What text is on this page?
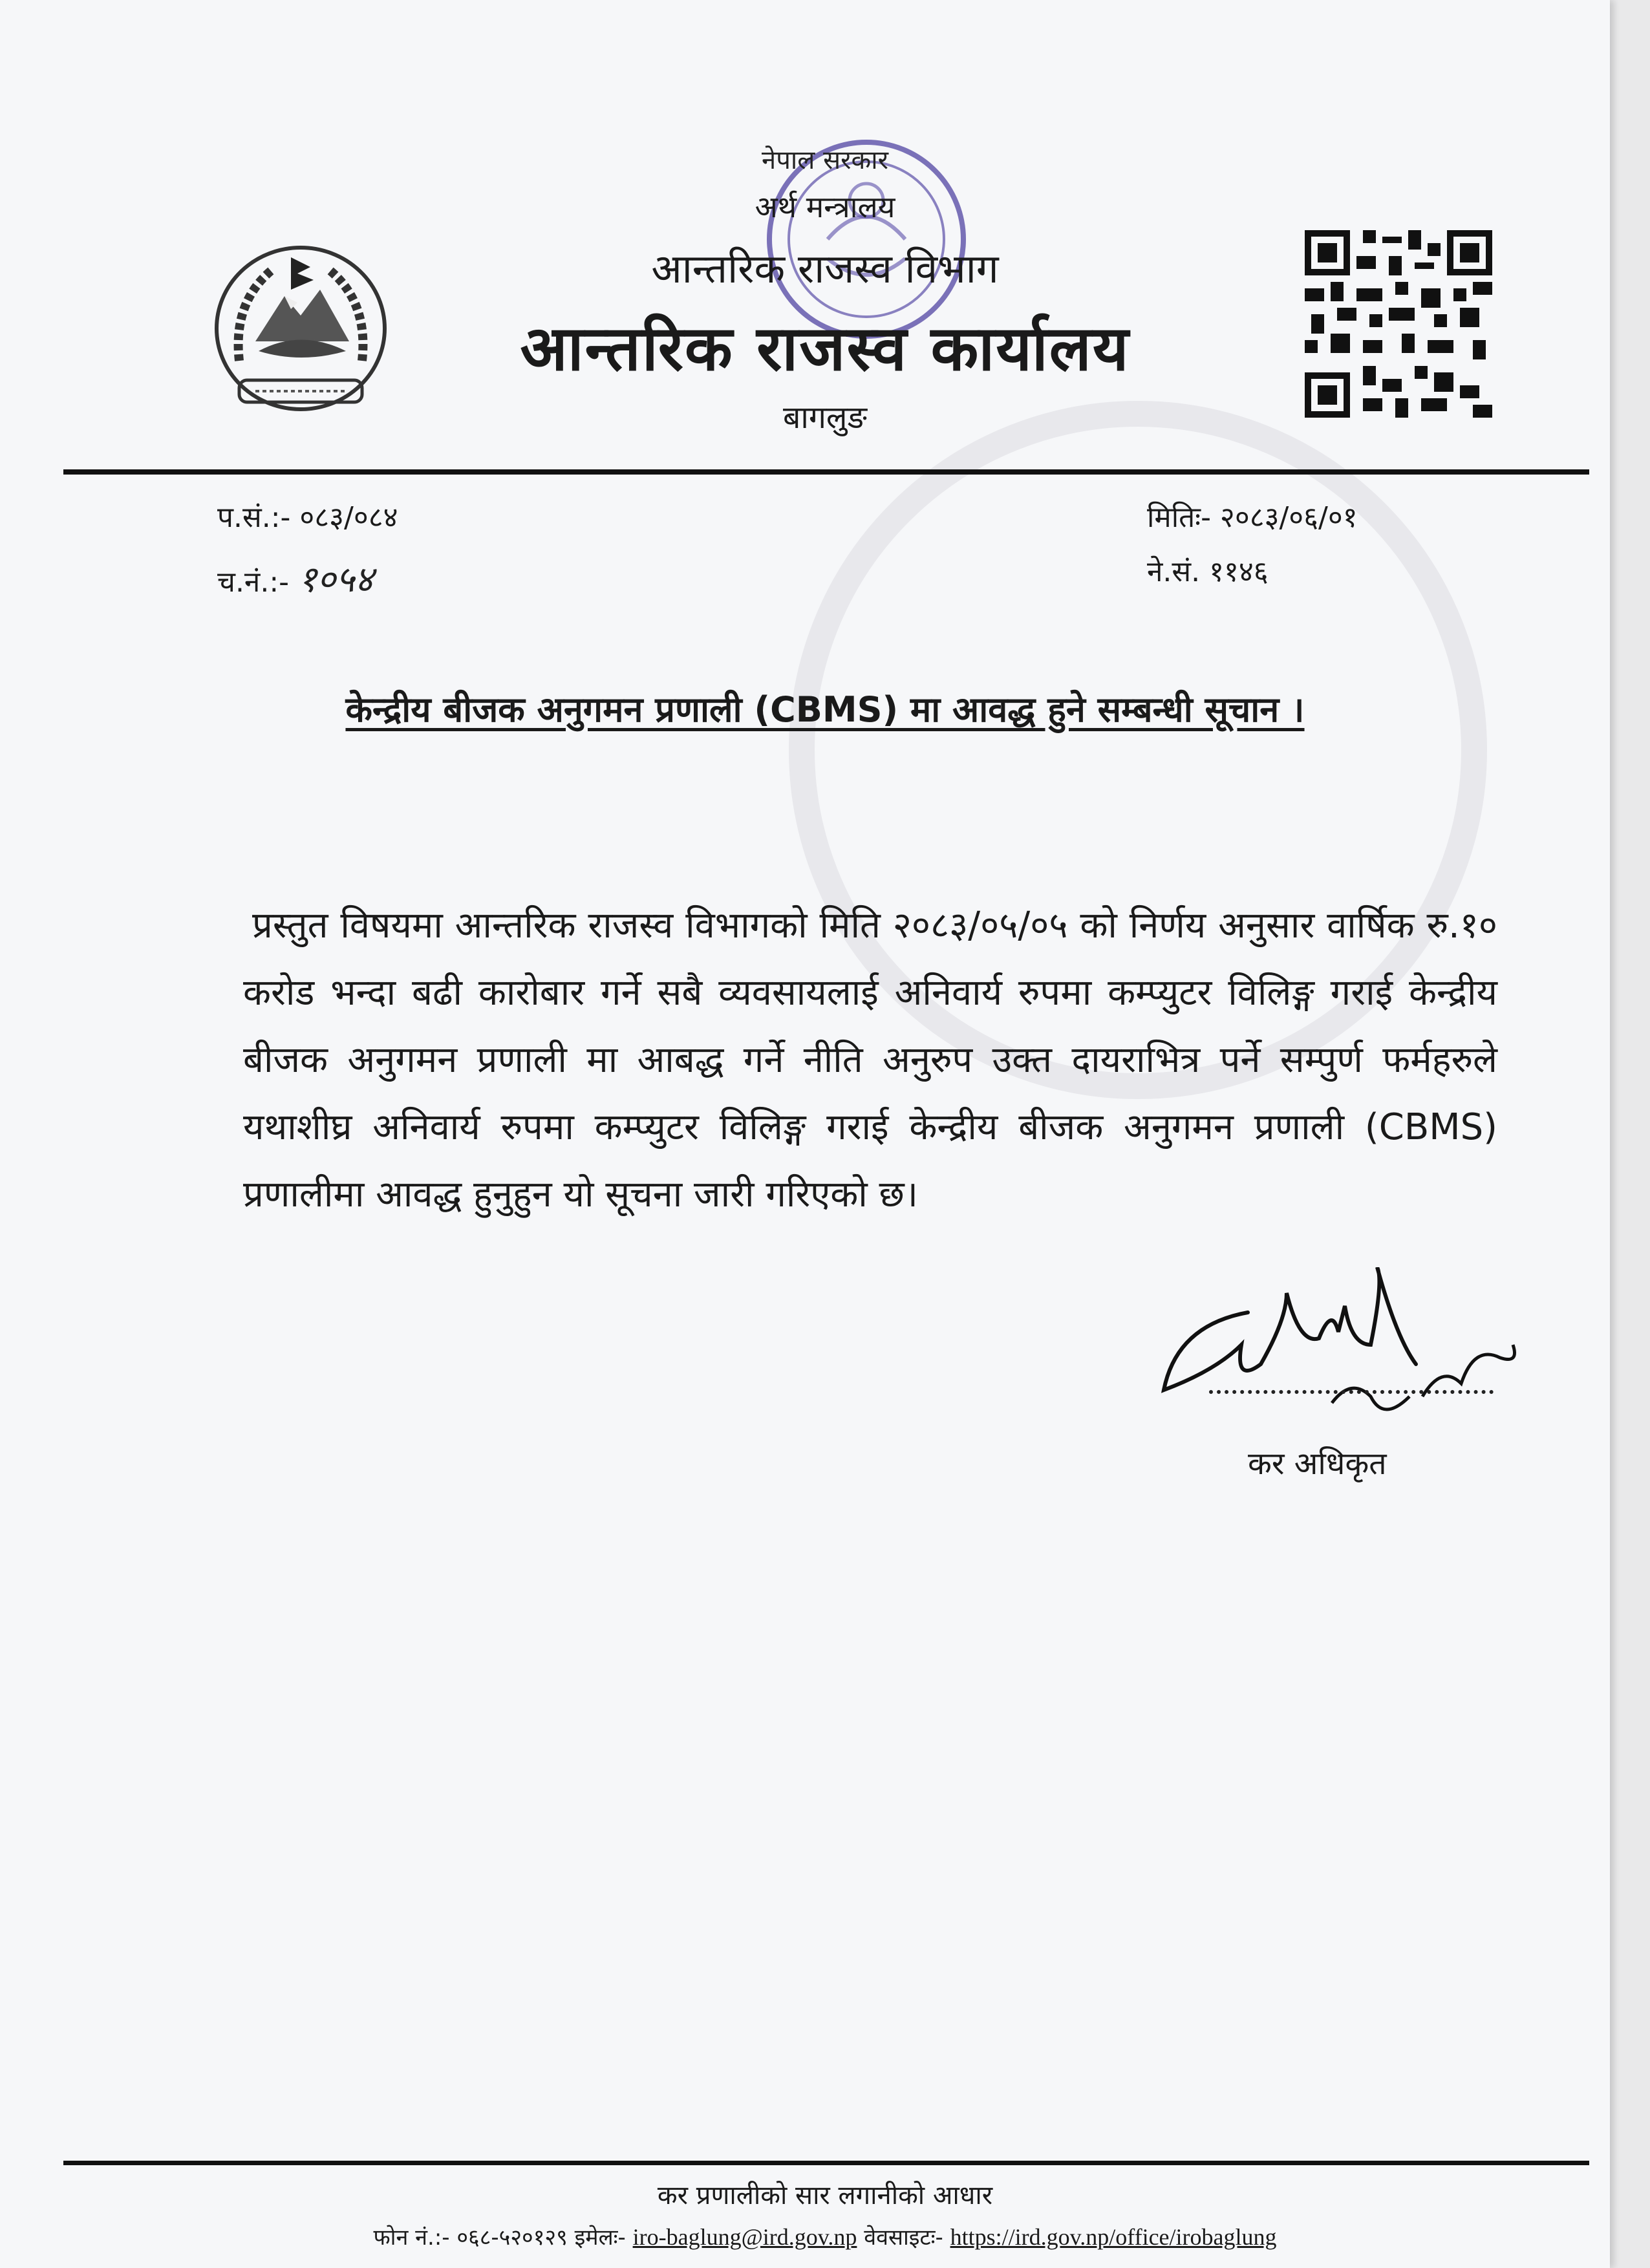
नेपाल सरकार
अर्थ मन्त्रालय
आन्तरिक राजस्व विभाग
आन्तरिक राजस्व कार्यालय
बागलुङ
प.सं.:- ०८३/०८४
च.नं.:- १०५४
मितिः- २०८३/०६/०१
ने.सं. ११४६
केन्द्रीय बीजक अनुगमन प्रणाली (CBMS) मा आवद्ध हुने सम्बन्धी सूचान ।
प्रस्तुत विषयमा आन्तरिक राजस्व विभागको मिति २०८३/०५/०५ को निर्णय अनुसार वार्षिक रु.१० करोड भन्दा बढी कारोबार गर्ने सबै व्यवसायलाई अनिवार्य रुपमा कम्प्युटर विलिङ्ग गराई केन्द्रीय बीजक अनुगमन प्रणाली मा आबद्ध गर्ने नीति अनुरुप उक्त दायराभित्र पर्ने सम्पुर्ण फर्महरुले यथाशीघ्र अनिवार्य रुपमा कम्प्युटर विलिङ्ग गराई केन्द्रीय बीजक अनुगमन प्रणाली (CBMS) प्रणालीमा आवद्ध हुनुहुन यो सूचना जारी गरिएको छ।
कर अधिकृत
कर प्रणालीको सार लगानीको आधार
फोन नं.:- ०६८-५२०१२९ इमेलः- iro-baglung@ird.gov.np वेवसाइटः- https://ird.gov.np/office/irobaglung
